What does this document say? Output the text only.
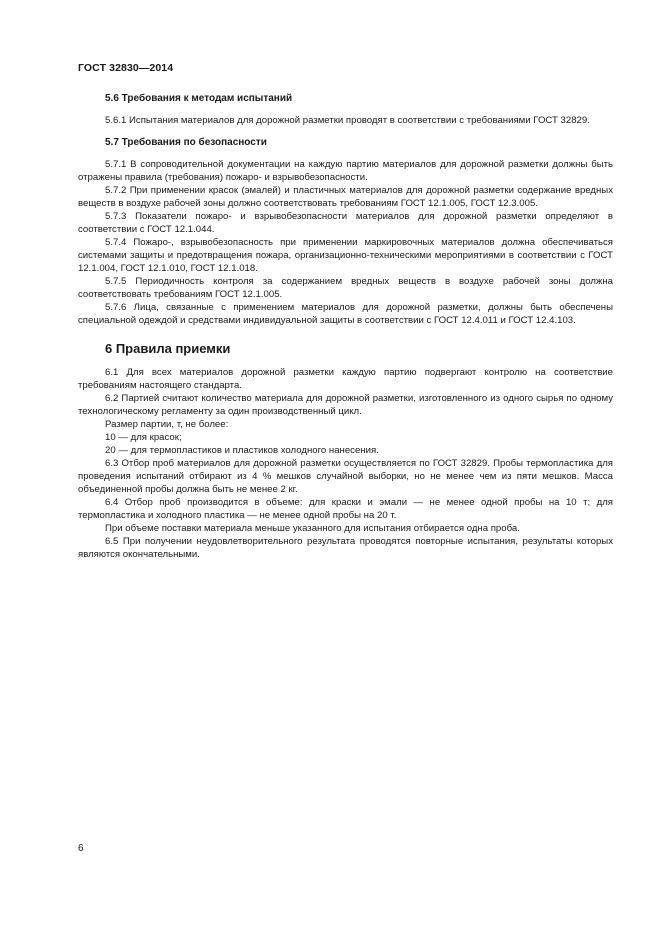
ГОСТ 32830—2014
5.6 Требования к методам испытаний

5.6.1 Испытания материалов для дорожной разметки проводят в соответствии с требованиями ГОСТ 32829.

5.7 Требования по безопасности

5.7.1 В сопроводительной документации на каждую партию материалов для дорожной разметки должны быть отражены правила (требования) пожаро- и взрывобезопасности.

5.7.2 При применении красок (эмалей) и пластичных материалов для дорожной разметки содержание вредных веществ в воздухе рабочей зоны должно соответствовать требованиям ГОСТ 12.1.005, ГОСТ 12.3.005.

5.7.3 Показатели пожаро- и взрывобезопасности материалов для дорожной разметки определяют в соответствии с ГОСТ 12.1.044.

5.7.4 Пожаро-, взрывобезопасность при применении маркировочных материалов должна обеспечиваться системами защиты и предотвращения пожара, организационно-техническими мероприятиями в соответствии с ГОСТ 12.1.004, ГОСТ 12.1.010, ГОСТ 12.1.018.

5.7.5 Периодичность контроля за содержанием вредных веществ в воздухе рабочей зоны должна соответствовать требованиям ГОСТ 12.1.005.

5.7.6 Лица, связанные с применением материалов для дорожной разметки, должны быть обеспечены специальной одеждой и средствами индивидуальной защиты в соответствии с ГОСТ 12.4.011 и ГОСТ 12.4.103.

6 Правила приемки

6.1 Для всех материалов дорожной разметки каждую партию подвергают контролю на соответствие требованиям настоящего стандарта.

6.2 Партией считают количество материала для дорожной разметки, изготовленного из одного сырья по одному технологическому регламенту за один производственный цикл.

Размер партии, т, не более:

10 — для красок;

20 — для термопластиков и пластиков холодного нанесения.

6.3 Отбор проб материалов для дорожной разметки осуществляется по ГОСТ 32829. Пробы термопластика для проведения испытаний отбирают из 4 % мешков случайной выборки, но не менее чем из пяти мешков. Масса объединенной пробы должна быть не менее 2 кг.

6.4 Отбор проб производится в объеме: для краски и эмали — не менее одной пробы на 10 т; для термопластика и холодного пластика — не менее одной пробы на 20 т.

При объеме поставки материала меньше указанного для испытания отбирается одна проба.

6.5 При получении неудовлетворительного результата проводятся повторные испытания, результаты которых являются окончательными.

6
